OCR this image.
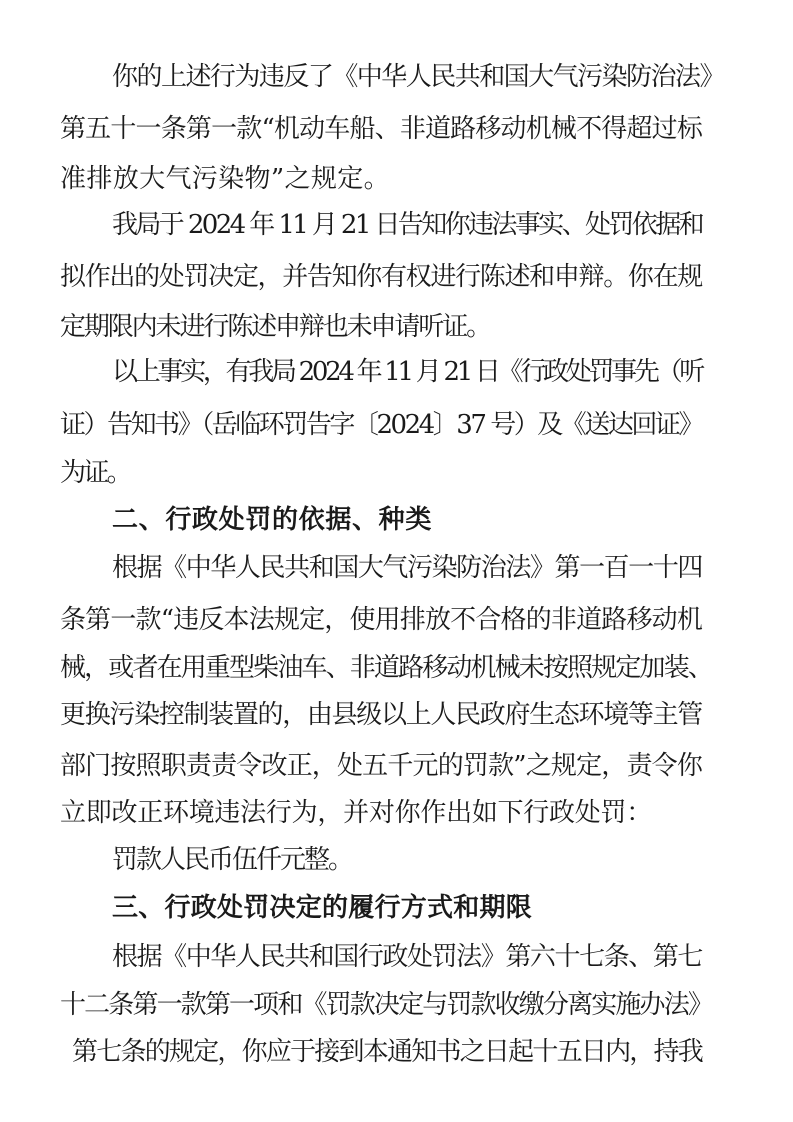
你的上述行为违反了《中华人民共和国大气污染防治法》
第五十一条第一款“机动车船、非道路移动机械不得超过标
准排放大气污染物”之规定。
我局于 2024 年 11 月 21 日告知你违法事实、处罚依据和
拟作出的处罚决定，并告知你有权进行陈述和申辩。你在规
定期限内未进行陈述申辩也未申请听证。
以上事实，有我局 2024 年 11 月 21 日《行政处罚事先（听
证）告知书》（岳临环罚告字〔2024〕37 号）及《送达回证》
为证。
二、行政处罚的依据、种类
根据《中华人民共和国大气污染防治法》第一百一十四
条第一款“违反本法规定，使用排放不合格的非道路移动机
械，或者在用重型柴油车、非道路移动机械未按照规定加装、
更换污染控制装置的，由县级以上人民政府生态环境等主管
部门按照职责责令改正，处五千元的罚款”之规定，责令你
立即改正环境违法行为，并对你作出如下行政处罚：
罚款人民币伍仟元整。
三、行政处罚决定的履行方式和期限
根据《中华人民共和国行政处罚法》第六十七条、第七
十二条第一款第一项和《罚款决定与罚款收缴分离实施办法》
第七条的规定，你应于接到本通知书之日起十五日内，持我
